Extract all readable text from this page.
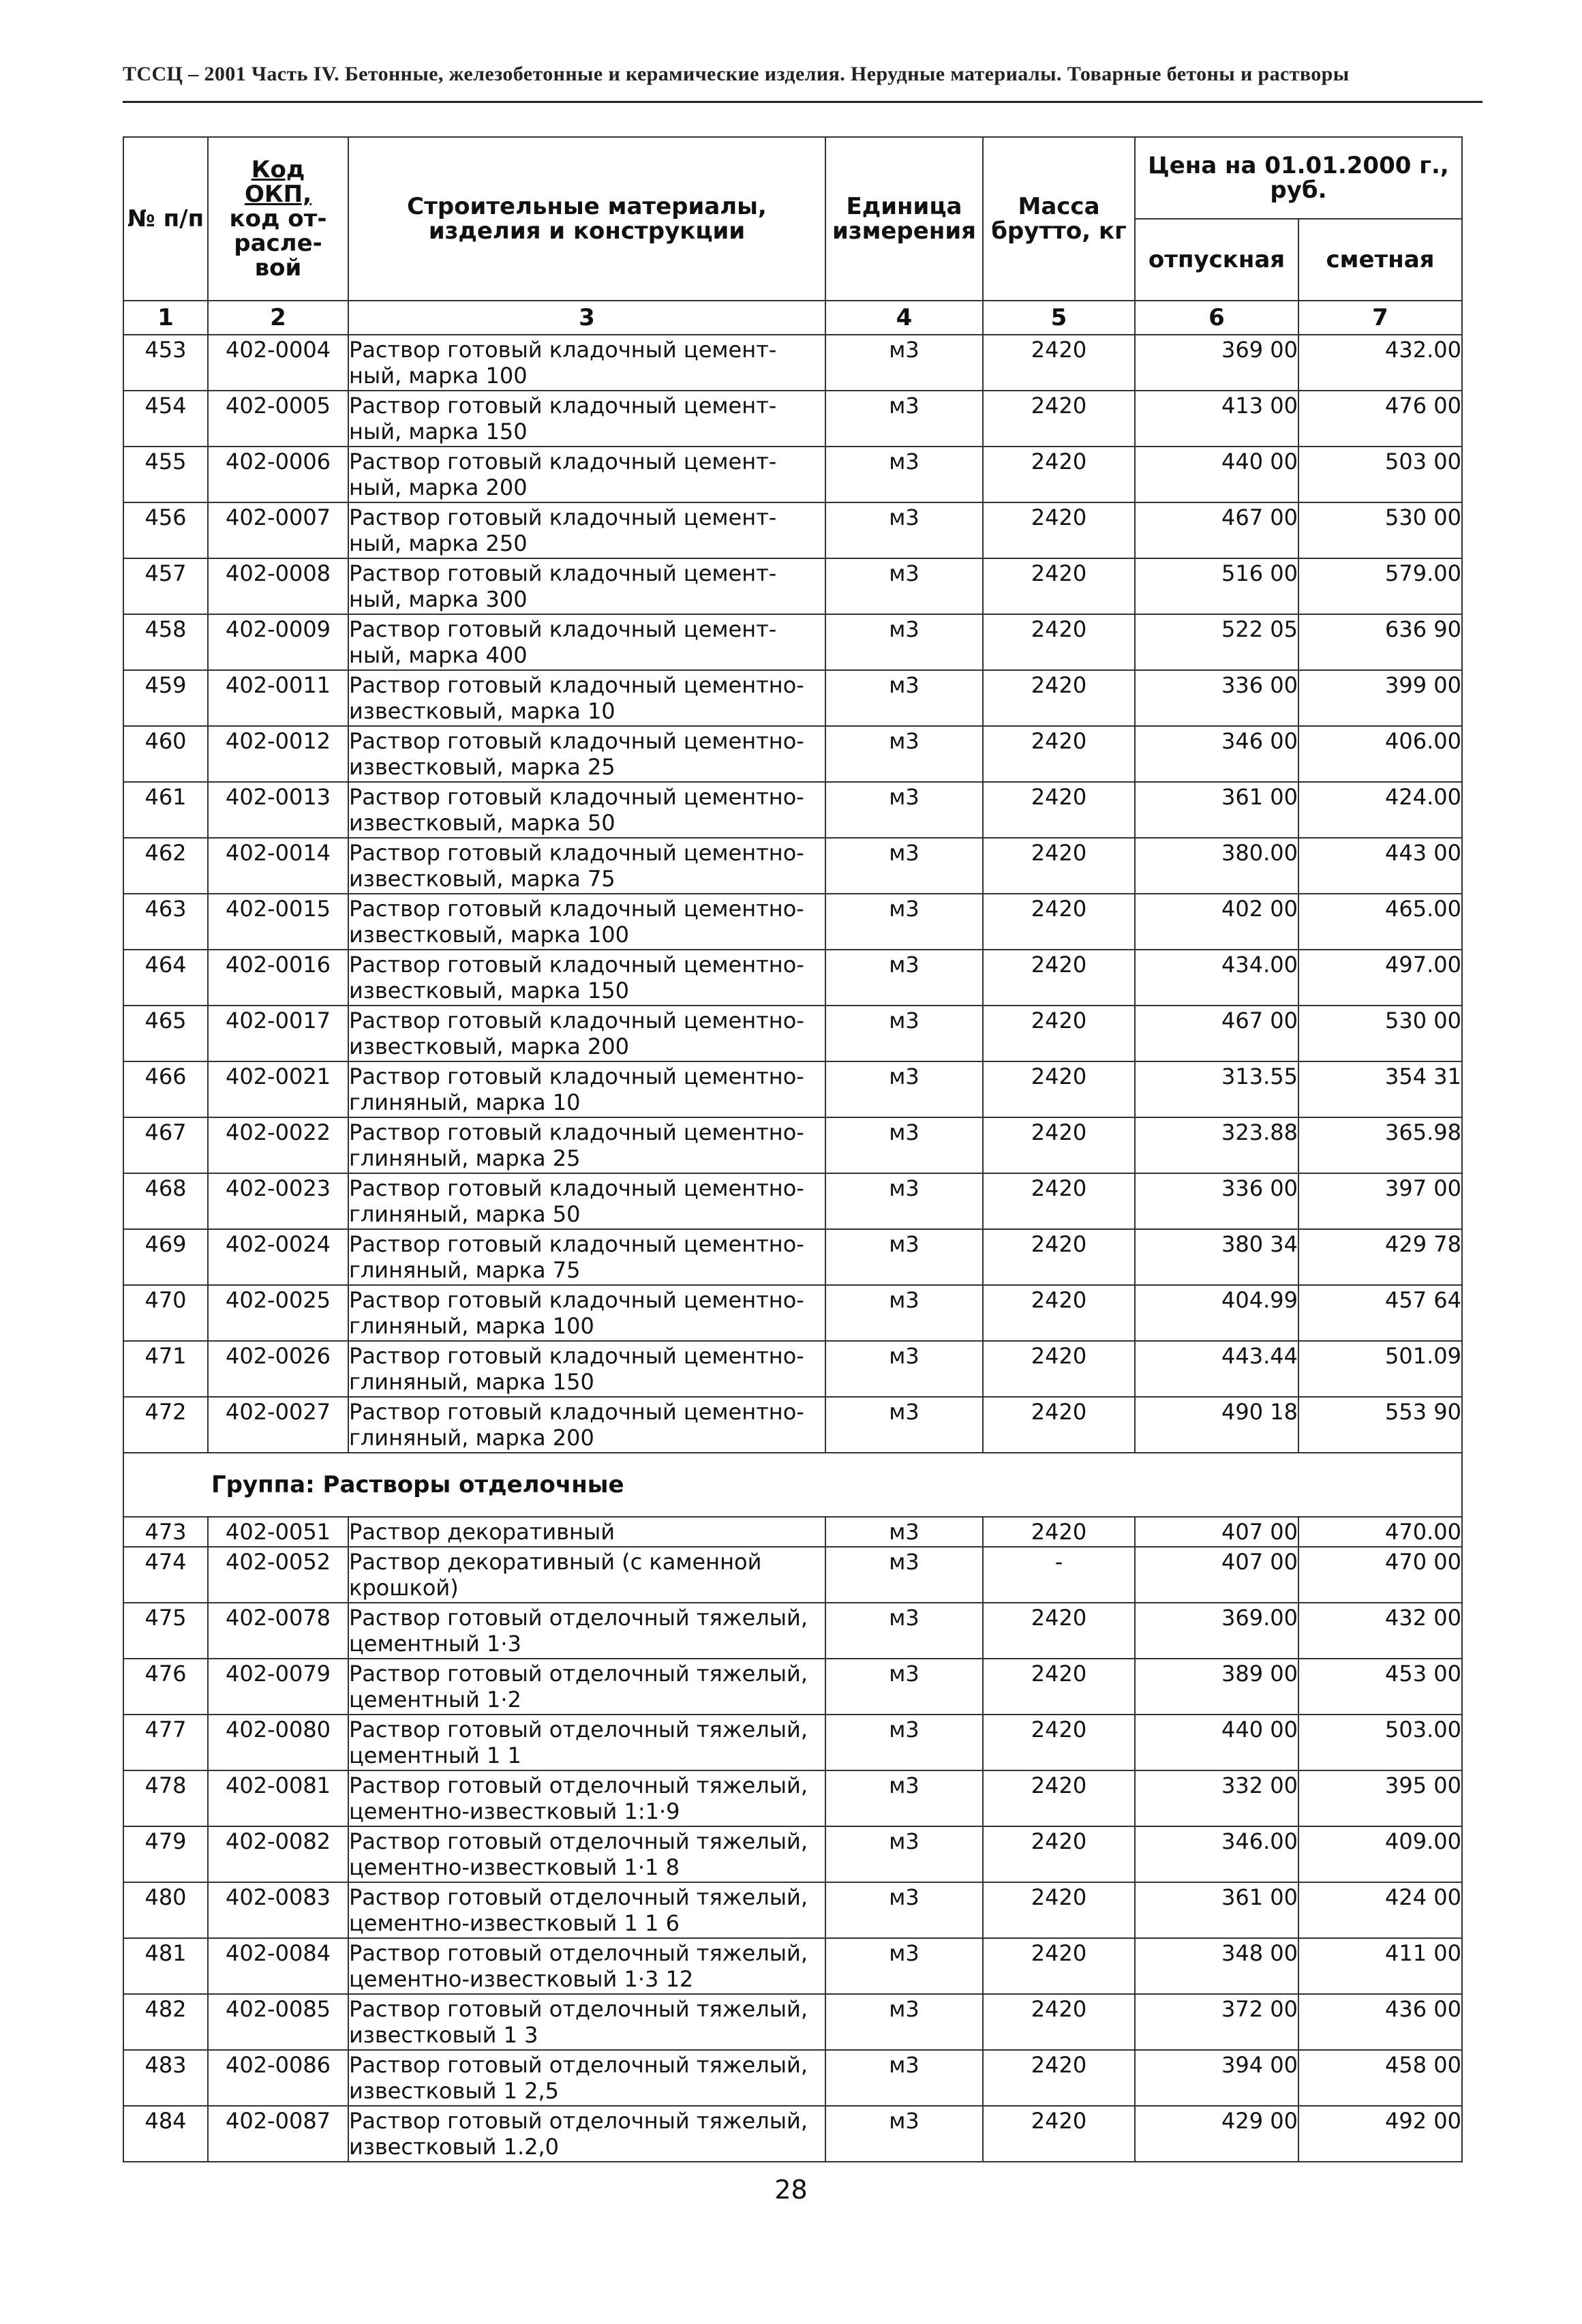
ТССЦ – 2001 Часть IV. Бетонные, железобетонные и керамические изделия. Нерудные материалы. Товарные бетоны и растворы
№ п/п	Код
ОКП,
код от-
расле-
вой	Строительные материалы, изделия и конструкции	Единица измерения	Масса брутто, кг	Цена на 01.01.2000 г., руб.	
					отпускная	сметная
1	2	3	4	5	6	7
453	402-0004	Раствор готовый кладочный цемент-
ный, марка 100	м3	2420	369 00	432.00
454	402-0005	Раствор готовый кладочный цемент-
ный, марка 150	м3	2420	413 00	476 00
455	402-0006	Раствор готовый кладочный цемент-
ный, марка 200	м3	2420	440 00	503 00
456	402-0007	Раствор готовый кладочный цемент-
ный, марка 250	м3	2420	467 00	530 00
457	402-0008	Раствор готовый кладочный цемент-
ный, марка 300	м3	2420	516 00	579.00
458	402-0009	Раствор готовый кладочный цемент-
ный, марка 400	м3	2420	522 05	636 90
459	402-0011	Раствор готовый кладочный цементно-
известковый, марка 10	м3	2420	336 00	399 00
460	402-0012	Раствор готовый кладочный цементно-
известковый, марка 25	м3	2420	346 00	406.00
461	402-0013	Раствор готовый кладочный цементно-
известковый, марка 50	м3	2420	361 00	424.00
462	402-0014	Раствор готовый кладочный цементно-
известковый, марка 75	м3	2420	380.00	443 00
463	402-0015	Раствор готовый кладочный цементно-
известковый, марка 100	м3	2420	402 00	465.00
464	402-0016	Раствор готовый кладочный цементно-
известковый, марка 150	м3	2420	434.00	497.00
465	402-0017	Раствор готовый кладочный цементно-
известковый, марка 200	м3	2420	467 00	530 00
466	402-0021	Раствор готовый кладочный цементно-
глиняный, марка 10	м3	2420	313.55	354 31
467	402-0022	Раствор готовый кладочный цементно-
глиняный, марка 25	м3	2420	323.88	365.98
468	402-0023	Раствор готовый кладочный цементно-
глиняный, марка 50	м3	2420	336 00	397 00
469	402-0024	Раствор готовый кладочный цементно-
глиняный, марка 75	м3	2420	380 34	429 78
470	402-0025	Раствор готовый кладочный цементно-
глиняный, марка 100	м3	2420	404.99	457 64
471	402-0026	Раствор готовый кладочный цементно-
глиняный, марка 150	м3	2420	443.44	501.09
472	402-0027	Раствор готовый кладочный цементно-
глиняный, марка 200	м3	2420	490 18	553 90
Группа: Растворы отделочные						
473	402-0051	Раствор декоративный	м3	2420	407 00	470.00
474	402-0052	Раствор декоративный (с каменной
крошкой)	м3	-	407 00	470 00
475	402-0078	Раствор готовый отделочный тяжелый,
цементный 1·3	м3	2420	369.00	432 00
476	402-0079	Раствор готовый отделочный тяжелый,
цементный 1·2	м3	2420	389 00	453 00
477	402-0080	Раствор готовый отделочный тяжелый,
цементный 1 1	м3	2420	440 00	503.00
478	402-0081	Раствор готовый отделочный тяжелый,
цементно-известковый 1:1·9	м3	2420	332 00	395 00
479	402-0082	Раствор готовый отделочный тяжелый,
цементно-известковый 1·1 8	м3	2420	346.00	409.00
480	402-0083	Раствор готовый отделочный тяжелый,
цементно-известковый 1 1 6	м3	2420	361 00	424 00
481	402-0084	Раствор готовый отделочный тяжелый,
цементно-известковый 1·3 12	м3	2420	348 00	411 00
482	402-0085	Раствор готовый отделочный тяжелый,
известковый 1 3	м3	2420	372 00	436 00
483	402-0086	Раствор готовый отделочный тяжелый,
известковый 1 2,5	м3	2420	394 00	458 00
484	402-0087	Раствор готовый отделочный тяжелый,
известковый 1.2,0	м3	2420	429 00	492 00
28
